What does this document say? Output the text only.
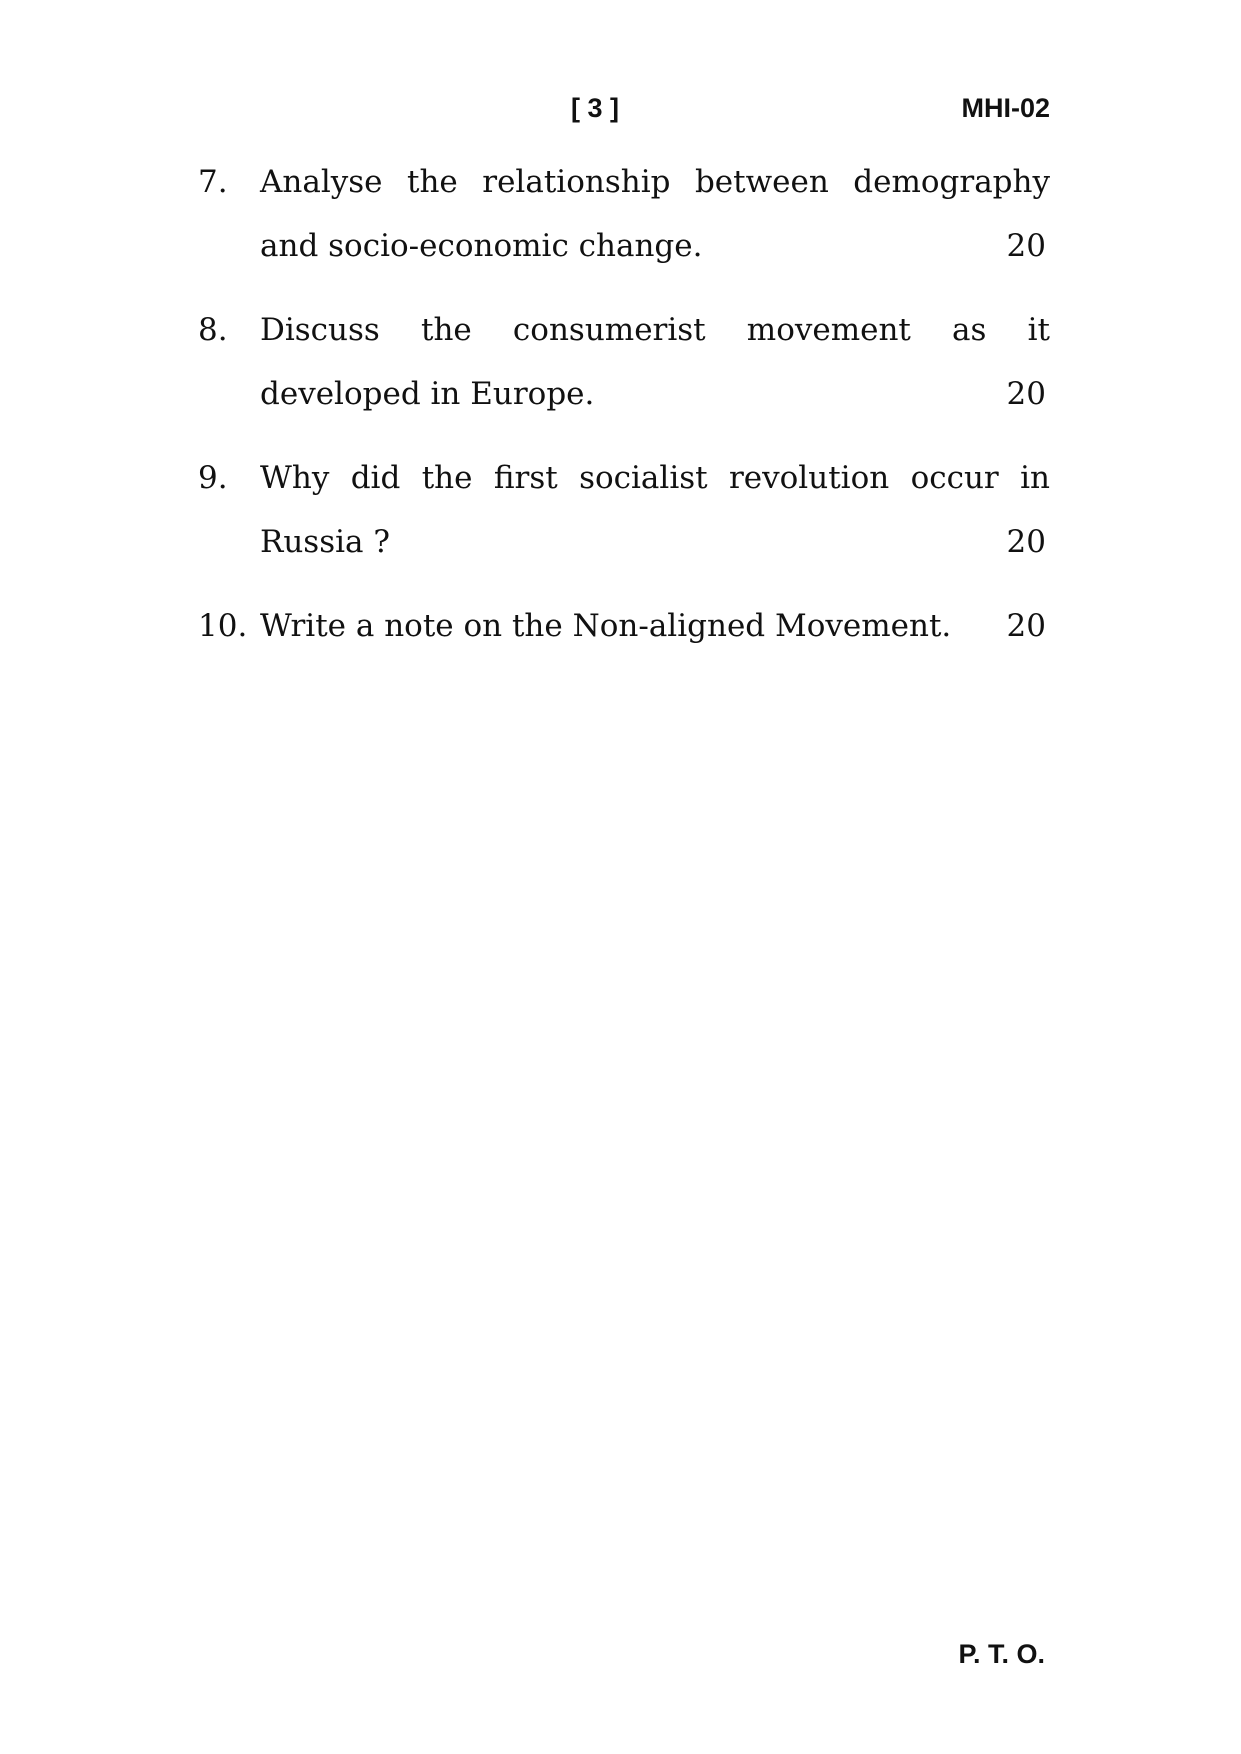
[ 3 ]	MHI-02
7. Analyse the relationship between demography and socio-economic change.	20
8. Discuss the consumerist movement as it developed in Europe.	20
9. Why did the first socialist revolution occur in Russia ?	20
10. Write a note on the Non-aligned Movement. 20
P. T. O.
